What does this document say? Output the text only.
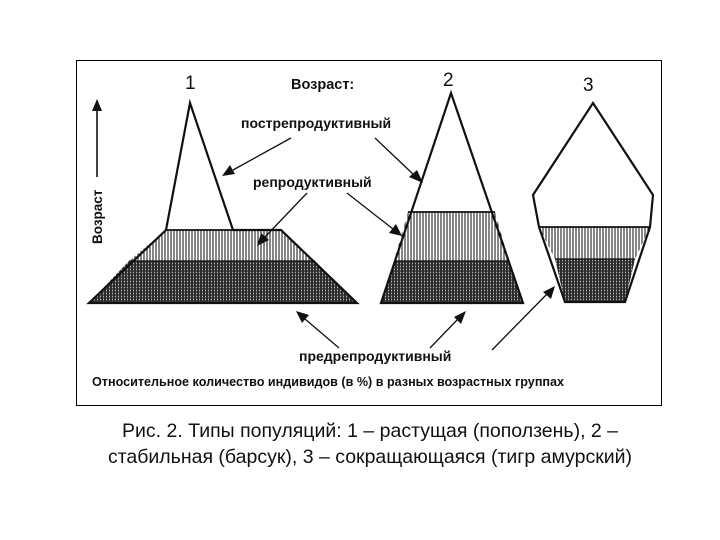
1	2	3
Возраст
Возраст:
пострепродуктивный
репродуктивный
предрепродуктивный
Относительное количество индивидов (в %) в разных возрастных группах
Рис. 2. Типы популяций: 1 – растущая (поползень), 2 –
стабильная (барсук), 3 – сокращающаяся (тигр амурский)
